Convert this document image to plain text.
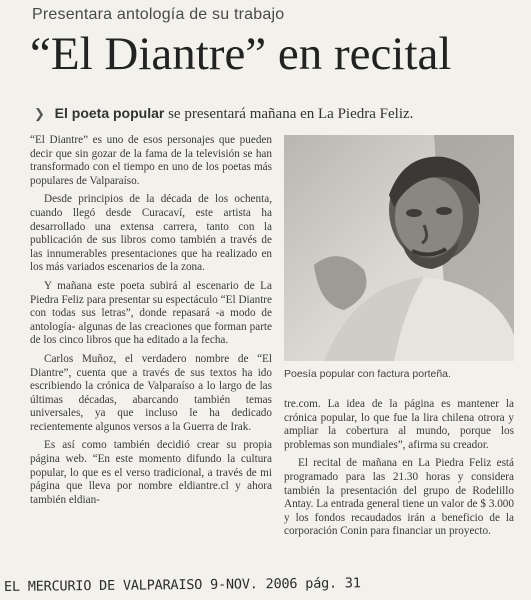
Presentara antología de su trabajo
“El Diantre” en recital
❯ El poeta popular se presentará mañana en La Piedra Feliz.

“El Diantre” es uno de esos personajes que pueden decir que sin gozar de la fama de la televisión se han transformado con el tiempo en uno de los poetas más populares de Valparaíso.

Desde principios de la década de los ochenta, cuando llegó desde Curacaví, este artista ha desarrollado una extensa carrera, tanto con la publicación de sus libros como también a través de las innumerables presentaciones que ha realizado en los más variados escenarios de la zona.

Y mañana este poeta subirá al escenario de La Piedra Feliz para presentar su espectáculo “El Diantre con todas sus letras”, donde repasará -a modo de antología- algunas de las creaciones que forman parte de los cinco libros que ha editado a la fecha.

Carlos Muñoz, el verdadero nombre de “El Diantre”, cuenta que a través de sus textos ha ido escribiendo la crónica de Valparaíso a lo largo de las últimas décadas, abarcando también temas universales, ya que incluso le ha dedicado recientemente algunos versos a la Guerra de Irak.

Es así como también decidió crear su propia página web. “En este momento difundo la cultura popular, lo que es el verso tradicional, a través de mi página que lleva por nombre eldiantre.cl y ahora también eldian-

Poesía popular con factura porteña.

tre.com. La idea de la página es mantener la crónica popular, lo que fue la lira chilena otrora y ampliar la cobertura al mundo, porque los problemas son mundiales”, afirma su creador.

El recital de mañana en La Piedra Feliz está programado para las 21.30 horas y considera también la presentación del grupo de Rodelillo Antay. La entrada general tiene un valor de $ 3.000 y los fondos recaudados irán a beneficio de la corporación Conin para financiar un proyecto.

EL MERCURIO DE VALPARAISO 9-NOV. 2006 pág. 31
